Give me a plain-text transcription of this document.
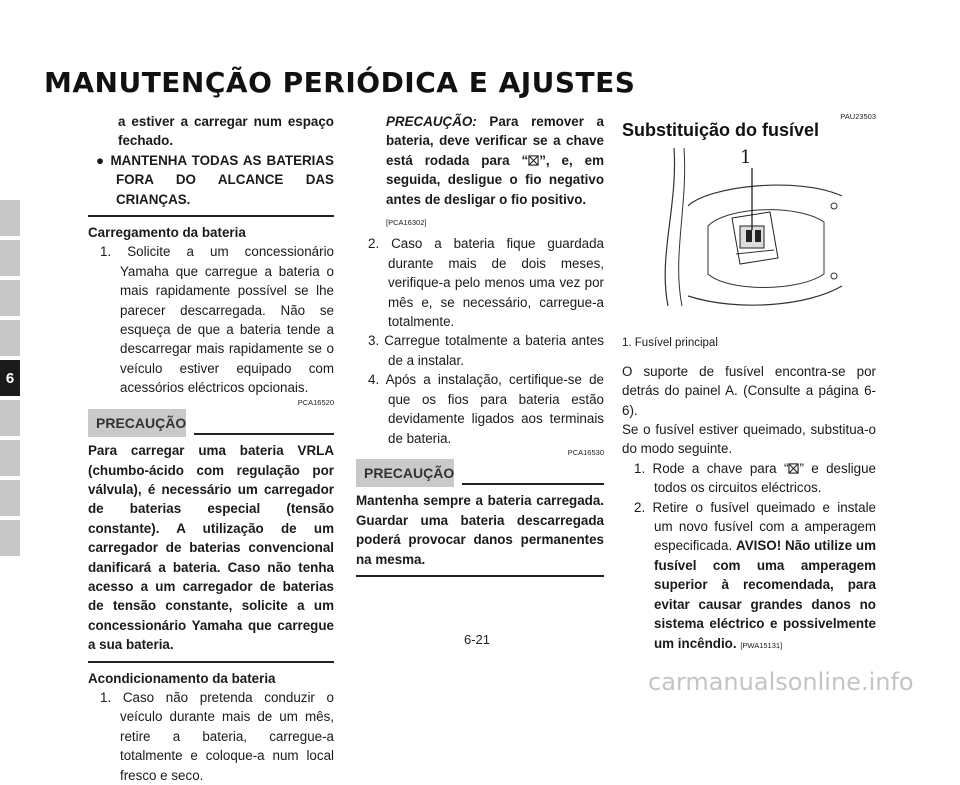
MANUTENÇÃO PERIÓDICA E AJUSTES
6
a estiver a carregar num espaço fechado.
● MANTENHA TODAS AS BATERIAS FORA DO ALCANCE DAS CRIANÇAS.
Carregamento da bateria
1. Solicite a um concessionário Yamaha que carregue a bateria o mais rapidamente possível se lhe parecer descarregada. Não se esqueça de que a bateria tende a descarregar mais rapidamente se o veículo estiver equipado com acessórios eléctricos opcionais.
PCA16520
PRECAUÇÃO
Para carregar uma bateria VRLA (chumbo-ácido com regulação por válvula), é necessário um carregador de baterias especial (tensão constante). A utilização de um carregador de baterias convencional danificará a bateria. Caso não tenha acesso a um carregador de baterias de tensão constante, solicite a um concessionário Yamaha que carregue a sua bateria.
Acondicionamento da bateria
1. Caso não pretenda conduzir o veículo durante mais de um mês, retire a bateria, carregue-a totalmente e coloque-a num local fresco e seco.
PRECAUÇÃO: Para remover a bateria, deve verificar se a chave está rodada para “ ”, e, em seguida, desligue o fio negativo antes de desligar o fio positivo.
[PCA16302]
2. Caso a bateria fique guardada durante mais de dois meses, verifique-a pelo menos uma vez por mês e, se necessário, carregue-a totalmente.
3. Carregue totalmente a bateria antes de a instalar.
4. Após a instalação, certifique-se de que os fios para bateria estão devidamente ligados aos terminais de bateria.
PCA16530
PRECAUÇÃO
Mantenha sempre a bateria carregada. Guardar uma bateria descarregada poderá provocar danos permanentes na mesma.
PAU23503
Substituição do fusível
1
1. Fusível principal
O suporte de fusível encontra-se por detrás do painel A. (Consulte a página 6-6).
Se o fusível estiver queimado, substitua-o do modo seguinte.
1. Rode a chave para “ ” e desligue todos os circuitos eléctricos.
2. Retire o fusível queimado e instale um novo fusível com a amperagem especificada. AVISO! Não utilize um fusível com uma amperagem superior à recomendada, para evitar causar grandes danos no sistema eléctrico e possivelmente um incêndio. [PWA15131]
6-21
carmanualsonline.info
